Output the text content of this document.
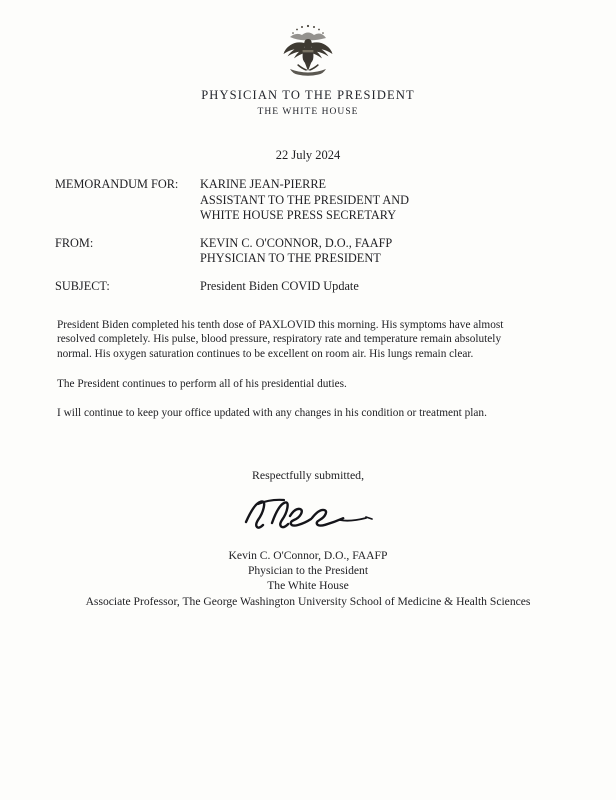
PHYSICIAN TO THE PRESIDENT
THE WHITE HOUSE
22 July 2024
MEMORANDUM FOR:	KARINE JEAN-PIERRE
ASSISTANT TO THE PRESIDENT AND
WHITE HOUSE PRESS SECRETARY
FROM:	KEVIN C. O'CONNOR, D.O., FAAFP
PHYSICIAN TO THE PRESIDENT
SUBJECT:	President Biden COVID Update

President Biden completed his tenth dose of PAXLOVID this morning. His symptoms have almost resolved completely. His pulse, blood pressure, respiratory rate and temperature remain absolutely normal. His oxygen saturation continues to be excellent on room air. His lungs remain clear.

The President continues to perform all of his presidential duties.

I will continue to keep your office updated with any changes in his condition or treatment plan.

Respectfully submitted,
Kevin C. O'Connor, D.O., FAAFP
Physician to the President
The White House
Associate Professor, The George Washington University School of Medicine & Health Sciences
